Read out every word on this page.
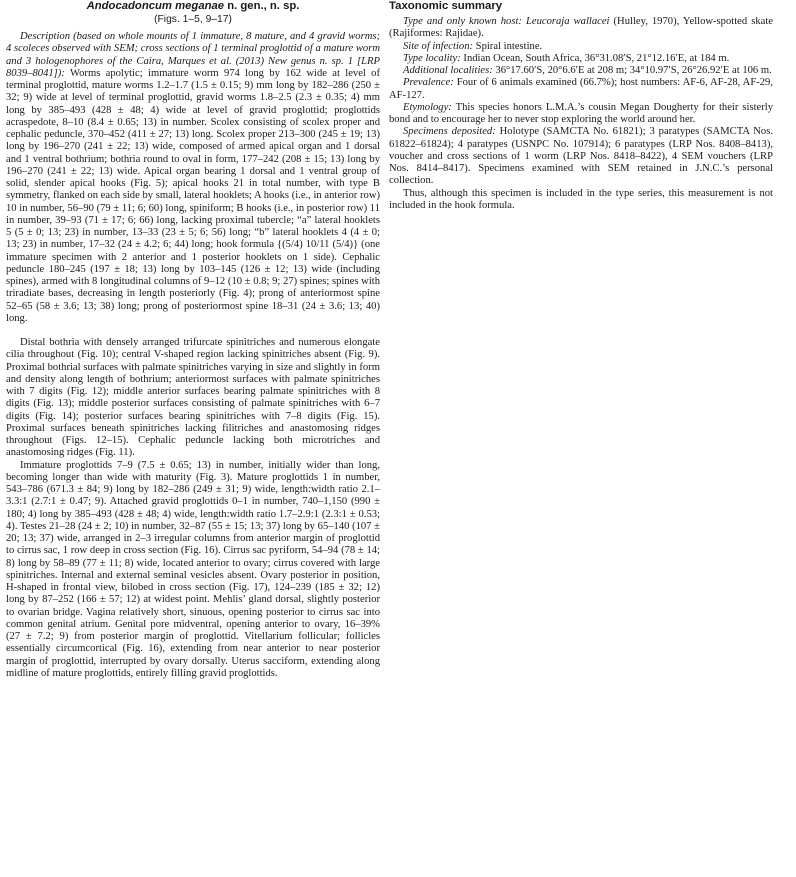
Andocadoncum meganae n. gen., n. sp.
(Figs. 1–5, 9–17)

Description (based on whole mounts of 1 immature, 8 mature, and 4 gravid worms; 4 scoleces observed with SEM; cross sections of 1 terminal proglottid of a mature worm and 3 hologenophores of the Caira, Marques et al. (2013) New genus n. sp. 1 [LRP 8039–8041]): Worms apolytic; immature worm 974 long by 162 wide at level of terminal proglottid, mature worms 1.2–1.7 (1.5 ± 0.15; 9) mm long by 182–286 (250 ± 32; 9) wide at level of terminal proglottid, gravid worms 1.8–2.5 (2.3 ± 0.35; 4) mm long by 385–493 (428 ± 48; 4) wide at level of gravid proglottid; proglottids acraspedote, 8–10 (8.4 ± 0.65; 13) in number. Scolex consisting of scolex proper and cephalic peduncle, 370–452 (411 ± 27; 13) long. Scolex proper 213–300 (245 ± 19; 13) long by 196–270 (241 ± 22; 13) wide, composed of armed apical organ and 1 dorsal and 1 ventral bothrium; bothria round to oval in form, 177–242 (208 ± 15; 13) long by 196–270 (241 ± 22; 13) wide. Apical organ bearing 1 dorsal and 1 ventral group of solid, slender apical hooks (Fig. 5); apical hooks 21 in total number, with type B symmetry, flanked on each side by small, lateral hooklets; A hooks (i.e., in anterior row) 10 in number, 56–90 (79 ± 11; 6; 60) long, spiniform; B hooks (i.e., in posterior row) 11 in number, 39–93 (71 ± 17; 6; 66) long, lacking proximal tubercle; “a” lateral hooklets 5 (5 ± 0; 13; 23) in number, 13–33 (23 ± 5; 6; 56) long; “b” lateral hooklets 4 (4 ± 0; 13; 23) in number, 17–32 (24 ± 4.2; 6; 44) long; hook formula {(5/4) 10/11 (5/4)} (one immature specimen with 2 anterior and 1 posterior hooklets on 1 side). Cephalic peduncle 180–245 (197 ± 18; 13) long by 103–145 (126 ± 12; 13) wide (including spines), armed with 8 longitudinal columns of 9–12 (10 ± 0.8; 9; 27) spines; spines with triradiate bases, decreasing in length posteriorly (Fig. 4); prong of anteriormost spine 52–65 (58 ± 3.6; 13; 38) long; prong of posteriormost spine 18–31 (24 ± 3.6; 13; 40) long.

Distal bothria with densely arranged trifurcate spinitriches and numerous elongate cilia throughout (Fig. 10); central V-shaped region lacking spinitriches absent (Fig. 9). Proximal bothrial surfaces with palmate spinitriches varying in size and slightly in form and density along length of bothrium; anteriormost surfaces with palmate spinitriches with 7 digits (Fig. 12); middle anterior surfaces bearing palmate spinitriches with 8 digits (Fig. 13); middle posterior surfaces consisting of palmate spinitriches with 6–7 digits (Fig. 14); posterior surfaces bearing spinitriches with 7–8 digits (Fig. 15). Proximal surfaces beneath spinitriches lacking filitriches and anastomosing ridges throughout (Figs. 12–15). Cephalic peduncle lacking both microtriches and anastomosing ridges (Fig. 11).

Immature proglottids 7–9 (7.5 ± 0.65; 13) in number, initially wider than long, becoming longer than wide with maturity (Fig. 3). Mature proglottids 1 in number, 543–786 (671.3 ± 84; 9) long by 182–286 (249 ± 31; 9) wide, length:width ratio 2.1–3.3:1 (2.7:1 ± 0.47; 9). Attached gravid proglottids 0–1 in number, 740–1,150 (990 ± 180; 4) long by 385–493 (428 ± 48; 4) wide, length:width ratio 1.7–2.9:1 (2.3:1 ± 0.53; 4). Testes 21–28 (24 ± 2; 10) in number, 32–87 (55 ± 15; 13; 37) long by 65–140 (107 ± 20; 13; 37) wide, arranged in 2–3 irregular columns from anterior margin of proglottid to cirrus sac, 1 row deep in cross section (Fig. 16). Cirrus sac pyriform, 54–94 (78 ± 14; 8) long by 58–89 (77 ± 11; 8) wide, located anterior to ovary; cirrus covered with large spinitriches. Internal and external seminal vesicles absent. Ovary posterior in position, H-shaped in frontal view, bilobed in cross section (Fig. 17), 124–239 (185 ± 32; 12) long by 87–252 (166 ± 57; 12) at widest point. Mehlis’ gland dorsal, slightly posterior to ovarian bridge. Vagina relatively short, sinuous, opening posterior to cirrus sac into common genital atrium. Genital pore midventral, opening anterior to ovary, 16–39% (27 ± 7.2; 9) from posterior margin of proglottid. Vitellarium follicular; follicles essentially circumcortical (Fig. 16), extending from near anterior to near posterior margin of proglottid, interrupted by ovary dorsally. Uterus sacciform, extending along midline of mature proglottids, entirely filling gravid proglottids.

Taxonomic summary

Type and only known host: Leucoraja wallacei (Hulley, 1970), Yellow-spotted skate (Rajiformes: Rajidae).

Site of infection: Spiral intestine.

Type locality: Indian Ocean, South Africa, 36°31.08′S, 21°12.16′E, at 184 m.

Additional localities: 36°17.60′S, 20°6.6′E at 208 m; 34°10.97′S, 26°26.92′E at 106 m.

Prevalence: Four of 6 animals examined (66.7%); host numbers: AF-6, AF-28, AF-29, AF-127.

Etymology: This species honors L.M.A.’s cousin Megan Dougherty for their sisterly bond and to encourage her to never stop exploring the world around her.

Specimens deposited: Holotype (SAMCTA No. 61821); 3 paratypes (SAMCTA Nos. 61822–61824); 4 paratypes (USNPC No. 107914); 6 paratypes (LRP Nos. 8408–8413), voucher and cross sections of 1 worm (LRP Nos. 8418–8422), 4 SEM vouchers (LRP Nos. 8414–8417). Specimens examined with SEM retained in J.N.C.’s personal collection.

Thus, although this specimen is included in the type series, this measurement is not included in the hook formula.
